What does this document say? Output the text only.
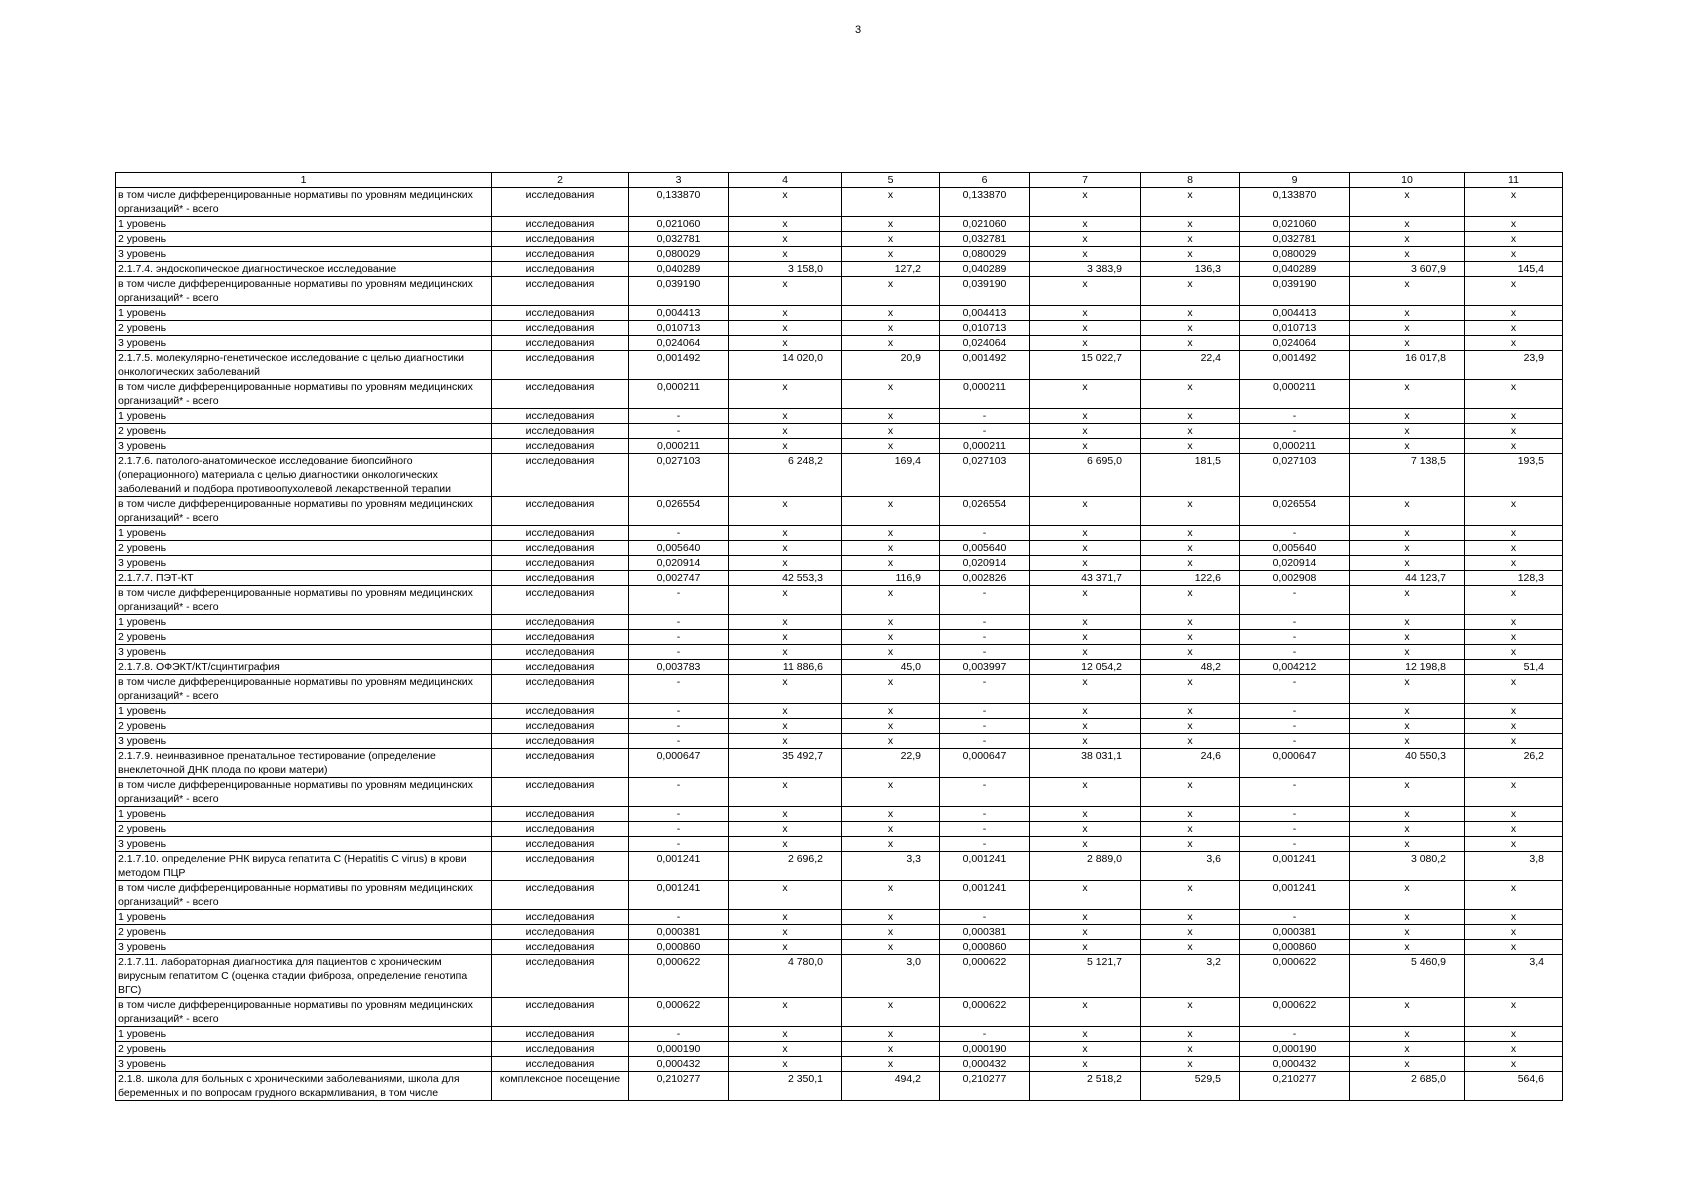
3
1	2	3	4	5	6	7	8	9	10	11
в том числе дифференцированные нормативы по уровням медицинских организаций* - всего	исследования	0,133870	х	х	0,133870	х	х	0,133870	х	х
1 уровень	исследования	0,021060	х	х	0,021060	х	х	0,021060	х	х
2 уровень	исследования	0,032781	х	х	0,032781	х	х	0,032781	х	х
3 уровень	исследования	0,080029	х	х	0,080029	х	х	0,080029	х	х
2.1.7.4. эндоскопическое диагностическое исследование	исследования	0,040289	3 158,0	127,2	0,040289	3 383,9	136,3	0,040289	3 607,9	145,4
в том числе дифференцированные нормативы по уровням медицинских организаций* - всего	исследования	0,039190	х	х	0,039190	х	х	0,039190	х	х
1 уровень	исследования	0,004413	х	х	0,004413	х	х	0,004413	х	х
2 уровень	исследования	0,010713	х	х	0,010713	х	х	0,010713	х	х
3 уровень	исследования	0,024064	х	х	0,024064	х	х	0,024064	х	х
2.1.7.5. молекулярно-генетическое исследование с целью диагностики онкологических заболеваний	исследования	0,001492	14 020,0	20,9	0,001492	15 022,7	22,4	0,001492	16 017,8	23,9
в том числе дифференцированные нормативы по уровням медицинских организаций* - всего	исследования	0,000211	х	х	0,000211	х	х	0,000211	х	х
1 уровень	исследования	-	х	х	-	х	х	-	х	х
2 уровень	исследования	-	х	х	-	х	х	-	х	х
3 уровень	исследования	0,000211	х	х	0,000211	х	х	0,000211	х	х
2.1.7.6. патолого-анатомическое исследование биопсийного (операционного) материала с целью диагностики онкологических заболеваний и подбора противоопухолевой лекарственной терапии	исследования	0,027103	6 248,2	169,4	0,027103	6 695,0	181,5	0,027103	7 138,5	193,5
в том числе дифференцированные нормативы по уровням медицинских организаций* - всего	исследования	0,026554	х	х	0,026554	х	х	0,026554	х	х
1 уровень	исследования	-	х	х	-	х	х	-	х	х
2 уровень	исследования	0,005640	х	х	0,005640	х	х	0,005640	х	х
3 уровень	исследования	0,020914	х	х	0,020914	х	х	0,020914	х	х
2.1.7.7. ПЭТ-КТ	исследования	0,002747	42 553,3	116,9	0,002826	43 371,7	122,6	0,002908	44 123,7	128,3
в том числе дифференцированные нормативы по уровням медицинских организаций* - всего	исследования	-	х	х	-	х	х	-	х	х
1 уровень	исследования	-	х	х	-	х	х	-	х	х
2 уровень	исследования	-	х	х	-	х	х	-	х	х
3 уровень	исследования	-	х	х	-	х	х	-	х	х
2.1.7.8. ОФЭКТ/КТ/сцинтиграфия	исследования	0,003783	11 886,6	45,0	0,003997	12 054,2	48,2	0,004212	12 198,8	51,4
в том числе дифференцированные нормативы по уровням медицинских организаций* - всего	исследования	-	х	х	-	х	х	-	х	х
1 уровень	исследования	-	х	х	-	х	х	-	х	х
2 уровень	исследования	-	х	х	-	х	х	-	х	х
3 уровень	исследования	-	х	х	-	х	х	-	х	х
2.1.7.9. неинвазивное пренатальное тестирование (определение внеклеточной ДНК плода по крови матери)	исследования	0,000647	35 492,7	22,9	0,000647	38 031,1	24,6	0,000647	40 550,3	26,2
в том числе дифференцированные нормативы по уровням медицинских организаций* - всего	исследования	-	х	х	-	х	х	-	х	х
1 уровень	исследования	-	х	х	-	х	х	-	х	х
2 уровень	исследования	-	х	х	-	х	х	-	х	х
3 уровень	исследования	-	х	х	-	х	х	-	х	х
2.1.7.10. определение РНК вируса гепатита С (Hepatitis C virus) в крови методом ПЦР	исследования	0,001241	2 696,2	3,3	0,001241	2 889,0	3,6	0,001241	3 080,2	3,8
в том числе дифференцированные нормативы по уровням медицинских организаций* - всего	исследования	0,001241	х	х	0,001241	х	х	0,001241	х	х
1 уровень	исследования	-	х	х	-	х	х	-	х	х
2 уровень	исследования	0,000381	х	х	0,000381	х	х	0,000381	х	х
3 уровень	исследования	0,000860	х	х	0,000860	х	х	0,000860	х	х
2.1.7.11. лабораторная диагностика для пациентов с хроническим вирусным гепатитом С (оценка стадии фиброза, определение генотипа ВГС)	исследования	0,000622	4 780,0	3,0	0,000622	5 121,7	3,2	0,000622	5 460,9	3,4
в том числе дифференцированные нормативы по уровням медицинских организаций* - всего	исследования	0,000622	х	х	0,000622	х	х	0,000622	х	х
1 уровень	исследования	-	х	х	-	х	х	-	х	х
2 уровень	исследования	0,000190	х	х	0,000190	х	х	0,000190	х	х
3 уровень	исследования	0,000432	х	х	0,000432	х	х	0,000432	х	х
2.1.8. школа для больных с хроническими заболеваниями, школа для беременных и по вопросам грудного вскармливания, в том числе	комплексное посещение	0,210277	2 350,1	494,2	0,210277	2 518,2	529,5	0,210277	2 685,0	564,6
